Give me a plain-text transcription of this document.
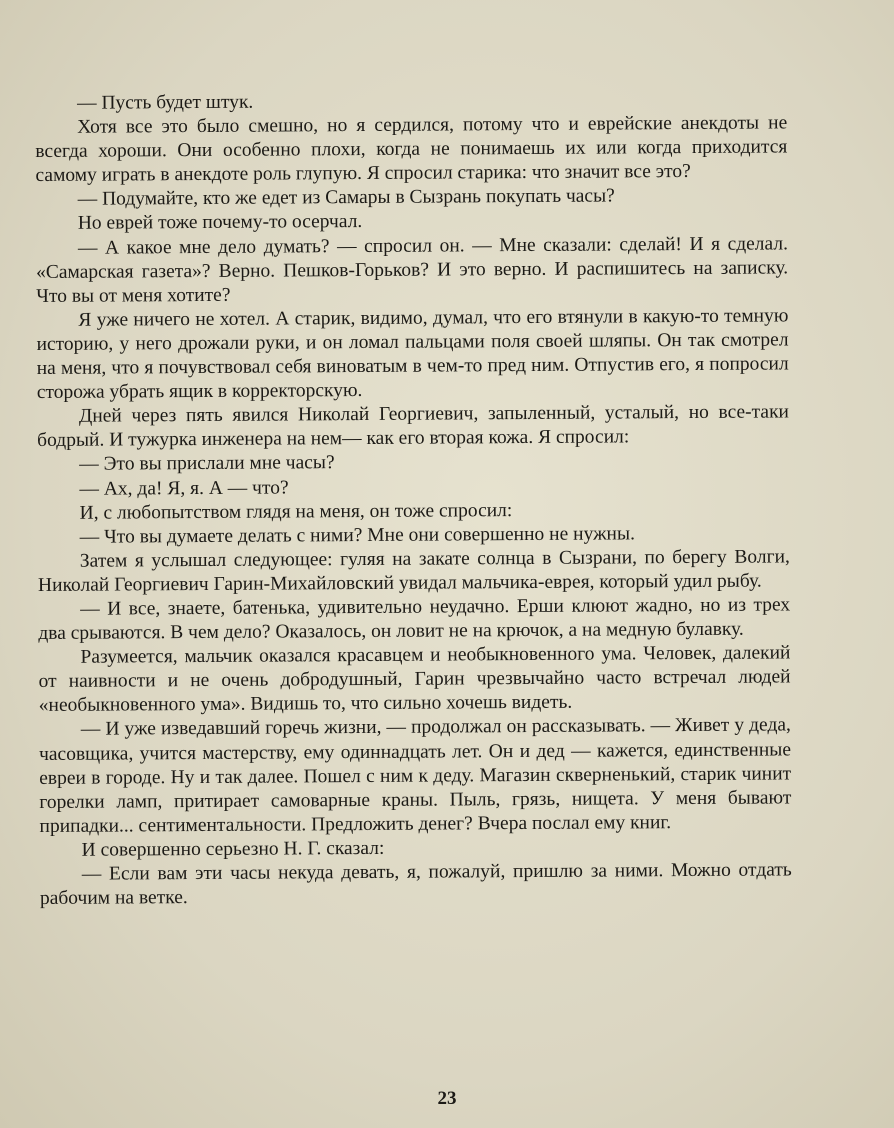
— Пусть будет штук.

Хотя все это было смешно, но я сердился, потому что и еврейские анекдоты не всегда хороши. Они особенно плохи, когда не понимаешь их или когда приходится самому играть в анекдоте роль глупую. Я спросил старика: что значит все это?

— Подумайте, кто же едет из Самары в Сызрань покупать часы?

Но еврей тоже почему-то осерчал.

— А какое мне дело думать? — спросил он. — Мне сказали: сделай! И я сделал. «Самарская газета»? Верно. Пешков-Горьков? И это верно. И распишитесь на записку. Что вы от меня хотите?

Я уже ничего не хотел. А старик, видимо, думал, что его втянули в какую-то темную историю, у него дрожали руки, и он ломал пальцами поля своей шляпы. Он так смотрел на меня, что я почувствовал себя виноватым в чем-то пред ним. Отпустив его, я попросил сторожа убрать ящик в корректорскую.

Дней через пять явился Николай Георгиевич, запыленный, усталый, но все-таки бодрый. И тужурка инженера на нем— как его вторая кожа. Я спросил:

— Это вы прислали мне часы?

— Ах, да! Я, я. А — что?

И, с любопытством глядя на меня, он тоже спросил:

— Что вы думаете делать с ними? Мне они совершенно не нужны.

Затем я услышал следующее: гуляя на закате солнца в Сызрани, по берегу Волги, Николай Георгиевич Гарин-Михайловский увидал мальчика-еврея, который удил рыбу.

— И все, знаете, батенька, удивительно неудачно. Ерши клюют жадно, но из трех два срываются. В чем дело? Оказалось, он ловит не на крючок, а на медную булавку.

Разумеется, мальчик оказался красавцем и необыкновенного ума. Человек, далекий от наивности и не очень добродушный, Гарин чрезвычайно часто встречал людей «необыкновенного ума». Видишь то, что сильно хочешь видеть.

— И уже изведавший горечь жизни, — продолжал он рассказывать. — Живет у деда, часовщика, учится мастерству, ему одиннадцать лет. Он и дед — кажется, единственные евреи в городе. Ну и так далее. Пошел с ним к деду. Магазин скверненький, старик чинит горелки ламп, притирает самоварные краны. Пыль, грязь, нищета. У меня бывают припадки... сентиментальности. Предложить денег? Вчера послал ему книг.

И совершенно серьезно Н. Г. сказал:

— Если вам эти часы некуда девать, я, пожалуй, пришлю за ними. Можно отдать рабочим на ветке.

23
